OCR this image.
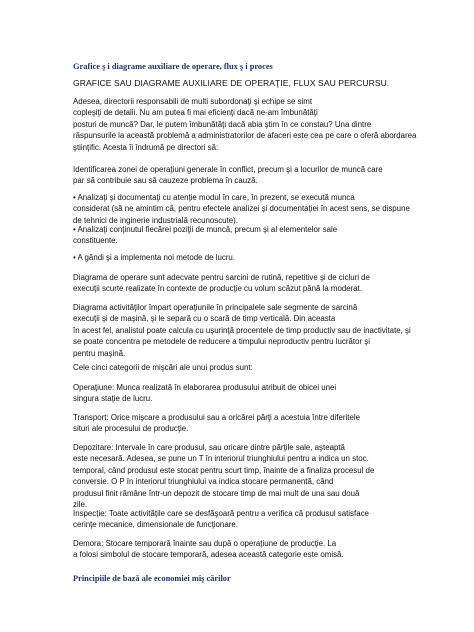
Grafice ş i diagrame auxiliare de operare, flux ş i proces
GRAFICE SAU DIAGRAME AUXILIARE DE OPERAŢIE, FLUX SAU PERCURSU.

Adesea, directorii responsabili de multi subordonaţi şi echipe se simt

copleşiţi de detalii. Nu am putea fi mai eficienţi dacă ne-am îmbunătăţi

posturi de muncă? Dar, le putem îmbunătăţi dacă abia ştim în ce constau? Una dintre

răspunsurile la această problemă a administratorilor de afaceri este cea pe care o oferă abordarea

ştiinţific. Acesta îi îndrumă pe directori să:

Identificarea zonei de operaţiuni generale în conflict, precum şi a locurilor de muncă care

par să contribuie sau să cauzeze problema în cauză.

• Analizaţi şi documentaţi cu atenţie modul în care, în prezent, se execută munca

considerat (să ne amintim că, pentru efectele analizei şi documentaţiei în acest sens, se dispune

de tehnici de inginerie industrială recunoscute).

• Analizaţi conţinutul fiecărei poziţii de muncă, precum şi al elementelor sale

constituente.

• A gândi şi a implementa noi metode de lucru.

Diagrama de operare sunt adecvate pentru sarcini de rutină, repetitive şi de cicluri de

execuţii scurte realizate în contexte de producţie cu volum scăzut până la moderat.

Diagrama activităţilor împart operaţiunile în principalele sale segmente de sarcină

execuţii şi de maşină, şi le separă cu o scară de timp verticală. Din aceasta

în acest fel, analistul poate calcula cu uşurinţă procentele de timp productiv sau de inactivitate, şi

se poate concentra pe metodele de reducere a timpului neproductiv pentru lucrător şi

pentru maşină.

Cele cinci categorii de mişcări ale unui produs sunt:

Operaţiune: Munca realizată în elaborarea produsului atribuit de obicei unei

singura staţie de lucru.

Transport: Orice mişcare a produsului sau a oricărei părţi a acestuia între diferitele

situri ale procesului de producţie.

Depozitare: Intervale în care produsul, sau oricare dintre părţile sale, aşteaptă

este necesară. Adesea, se pune un T în interiorul triunghiului pentru a indica un stoc.

temporal, când produsul este stocat pentru scurt timp, înainte de a finaliza procesul de

conversie. O P în interiorul triunghiului va indica stocare permanentă, când

produsul finit rămâne într-un depozit de stocare timp de mai mult de una sau două

zile.

Inspecţie: Toate activităţile care se desfăşoară pentru a verifica că produsul satisface

cerinţe mecanice, dimensionale de funcţionare.

Demora: Stocare temporară înainte sau după o operaţiune de producţie. La

a folosi simbolul de stocare temporară, adesea această categorie este omisă.

Principiile de bază ale economiei miş cărilor
